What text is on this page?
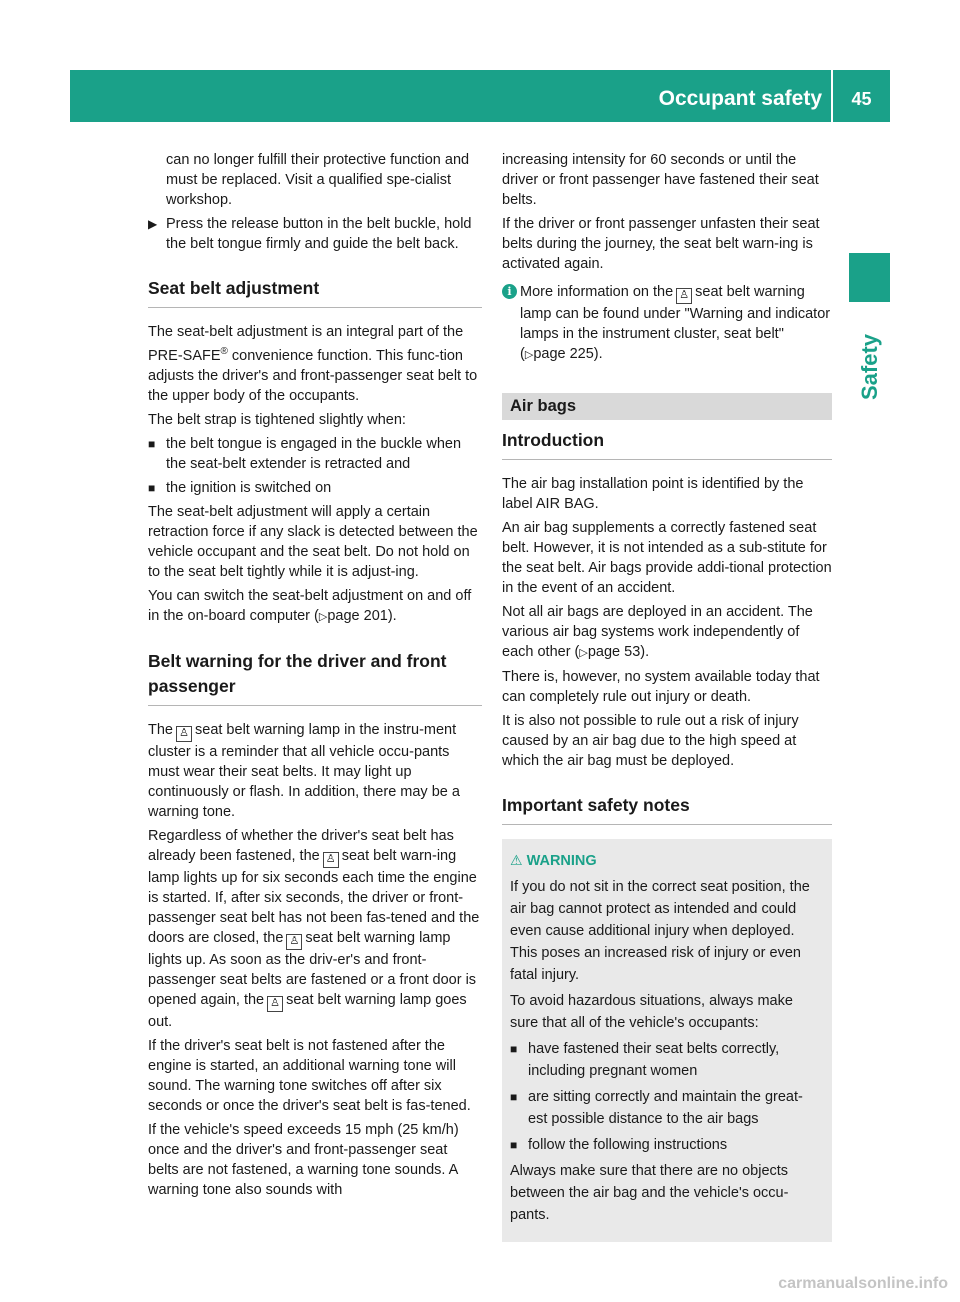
Occupant safety	45
Safety

can no longer fulfill their protective function and must be replaced. Visit a qualified spe-cialist workshop.

▶ Press the release button in the belt buckle, hold the belt tongue firmly and guide the belt back.
Seat belt adjustment

The seat-belt adjustment is an integral part of the PRE-SAFE® convenience function. This func-tion adjusts the driver's and front-passenger seat belt to the upper body of the occupants.

The belt strap is tightened slightly when:

■ the belt tongue is engaged in the buckle when the seat-belt extender is retracted and
■ the ignition is switched on

The seat-belt adjustment will apply a certain retraction force if any slack is detected between the vehicle occupant and the seat belt. Do not hold on to the seat belt tightly while it is adjust-ing.

You can switch the seat-belt adjustment on and off in the on-board computer (▷page 201).

Belt warning for the driver and front passenger

The ♙ seat belt warning lamp in the instru-ment cluster is a reminder that all vehicle occu-pants must wear their seat belts. It may light up continuously or flash. In addition, there may be a warning tone.

Regardless of whether the driver's seat belt has already been fastened, the ♙ seat belt warn-ing lamp lights up for six seconds each time the engine is started. If, after six seconds, the driver or front-passenger seat belt has not been fas-tened and the doors are closed, the ♙ seat belt warning lamp lights up. As soon as the driv-er's and front-passenger seat belts are fastened or a front door is opened again, the ♙ seat belt warning lamp goes out.

If the driver's seat belt is not fastened after the engine is started, an additional warning tone will sound. The warning tone switches off after six seconds or once the driver's seat belt is fas-tened.

If the vehicle's speed exceeds 15 mph (25 km/h) once and the driver's and front-passenger seat belts are not fastened, a warning tone sounds. A warning tone also sounds with

increasing intensity for 60 seconds or until the driver or front passenger have fastened their seat belts.

If the driver or front passenger unfasten their seat belts during the journey, the seat belt warn-ing is activated again.

i More information on the ♙ seat belt warning lamp can be found under "Warning and indicator lamps in the instrument cluster, seat belt" (▷page 225).
Air bags
Introduction

The air bag installation point is identified by the label AIR BAG.

An air bag supplements a correctly fastened seat belt. However, it is not intended as a sub-stitute for the seat belt. Air bags provide addi-tional protection in the event of an accident.

Not all air bags are deployed in an accident. The various air bag systems work independently of each other (▷page 53).

There is, however, no system available today that can completely rule out injury or death.

It is also not possible to rule out a risk of injury caused by an air bag due to the high speed at which the air bag must be deployed.

Important safety notes

⚠ WARNING

If you do not sit in the correct seat position, the air bag cannot protect as intended and could even cause additional injury when deployed. This poses an increased risk of injury or even fatal injury.

To avoid hazardous situations, always make sure that all of the vehicle's occupants:

■ have fastened their seat belts correctly, including pregnant women
■ are sitting correctly and maintain the great-est possible distance to the air bags
■ follow the following instructions

Always make sure that there are no objects between the air bag and the vehicle's occu-pants.

carmanualsonline.info
